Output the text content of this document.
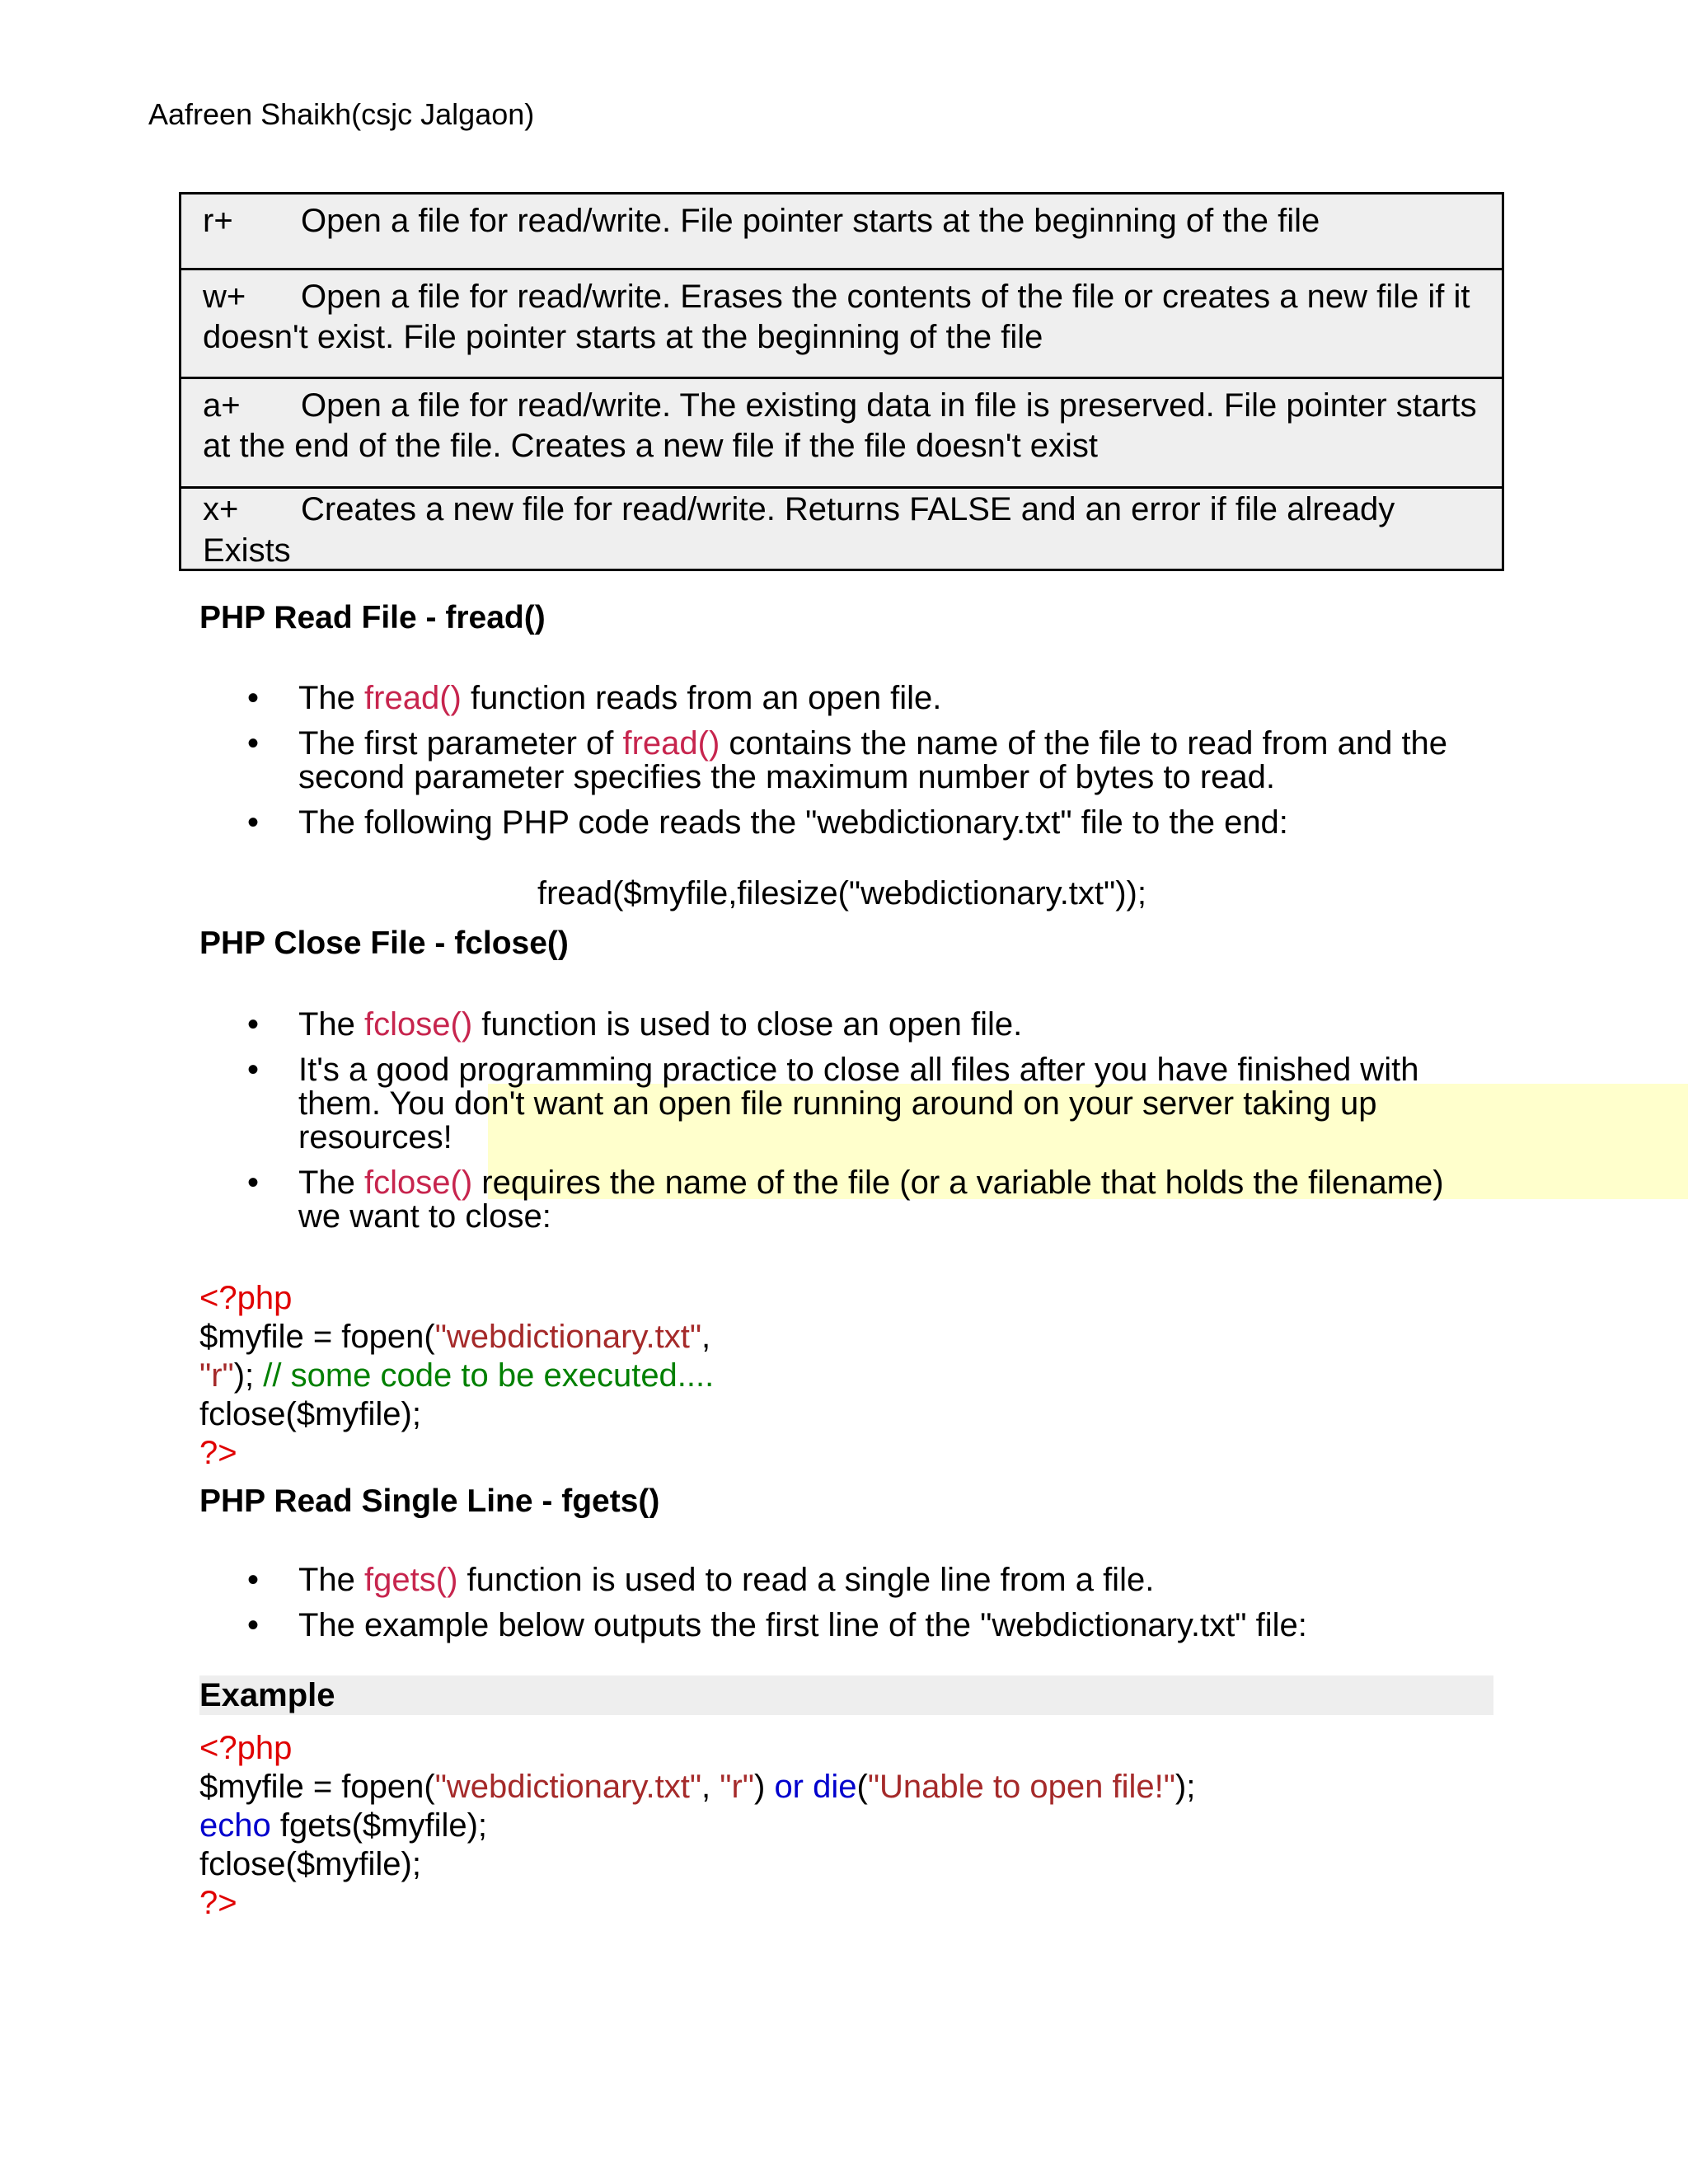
Aafreen Shaikh(csjc Jalgaon)
r+ Open a file for read/write. File pointer starts at the beginning of the file
w+ Open a file for read/write. Erases the contents of the file or creates a new file if it
doesn't exist. File pointer starts at the beginning of the file
a+ Open a file for read/write. The existing data in file is preserved. File pointer starts
at the end of the file. Creates a new file if the file doesn't exist
x+ Creates a new file for read/write. Returns FALSE and an error if file already
Exists
PHP Read File - fread()
• The fread() function reads from an open file.
• The first parameter of fread() contains the name of the file to read from and the
second parameter specifies the maximum number of bytes to read.
• The following PHP code reads the "webdictionary.txt" file to the end:
fread($myfile,filesize("webdictionary.txt"));
PHP Close File - fclose()
• The fclose() function is used to close an open file.
• It's a good programming practice to close all files after you have finished with
them. You don't want an open file running around on your server taking up
resources!
• The fclose() requires the name of the file (or a variable that holds the filename)
we want to close:
<?php
$myfile = fopen("webdictionary.txt",
"r"); // some code to be executed....
fclose($myfile);
?>
PHP Read Single Line - fgets()
• The fgets() function is used to read a single line from a file.
• The example below outputs the first line of the "webdictionary.txt" file:
Example
<?php
$myfile = fopen("webdictionary.txt", "r") or die("Unable to open file!");
echo fgets($myfile);
fclose($myfile);
?>
